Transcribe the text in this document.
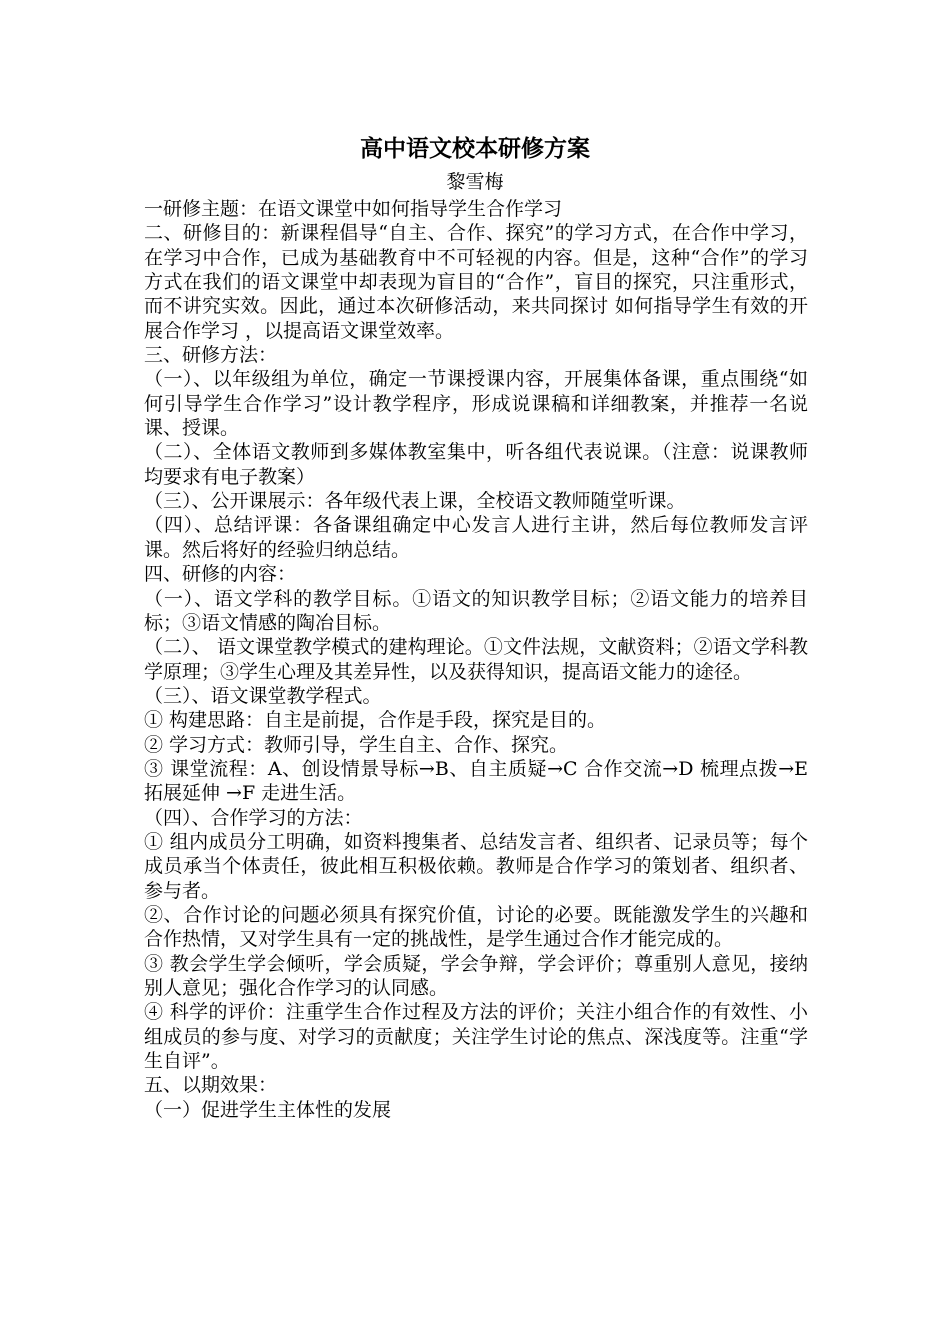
高中语文校本研修方案
黎雪梅

一研修主题：在语文课堂中如何指导学生合作学习

二、研修目的：新课程倡导“自主、合作、探究”的学习方式，在合作中学习，在学习中合作，已成为基础教育中不可轻视的内容。但是，这种“合作”的学习方式在我们的语文课堂中却表现为盲目的“合作”，盲目的探究，只注重形式，而不讲究实效。因此，通过本次研修活动，来共同探讨 如何指导学生有效的开展合作学习 ，以提高语文课堂效率。

三、研修方法：

（一）、以年级组为单位，确定一节课授课内容，开展集体备课，重点围绕“如何引导学生合作学习”设计教学程序，形成说课稿和详细教案，并推荐一名说课、授课。

（二）、全体语文教师到多媒体教室集中，听各组代表说课。（注意：说课教师均要求有电子教案）

（三）、公开课展示：各年级代表上课，全校语文教师随堂听课。

（四）、总结评课：各备课组确定中心发言人进行主讲，然后每位教师发言评课。然后将好的经验归纳总结。

四、研修的内容：

（一）、语文学科的教学目标。①语文的知识教学目标；②语文能力的培养目标；③语文情感的陶冶目标。

（二）、 语文课堂教学模式的建构理论。①文件法规，文献资料；②语文学科教学原理；③学生心理及其差异性，以及获得知识，提高语文能力的途径。

（三）、语文课堂教学程式。

① 构建思路：自主是前提，合作是手段，探究是目的。

② 学习方式：教师引导，学生自主、合作、探究。

③ 课堂流程：A、创设情景导标→B、自主质疑→C 合作交流→D 梳理点拨→E 拓展延伸 →F 走进生活。

（四）、合作学习的方法：

① 组内成员分工明确，如资料搜集者、总结发言者、组织者、记录员等；每个成员承当个体责任，彼此相互积极依赖。教师是合作学习的策划者、组织者、参与者。

②、合作讨论的问题必须具有探究价值，讨论的必要。既能激发学生的兴趣和合作热情，又对学生具有一定的挑战性，是学生通过合作才能完成的。

③ 教会学生学会倾听，学会质疑，学会争辩，学会评价；尊重别人意见，接纳别人意见；强化合作学习的认同感。

④ 科学的评价：注重学生合作过程及方法的评价；关注小组合作的有效性、小组成员的参与度、对学习的贡献度；关注学生讨论的焦点、深浅度等。注重“学生自评”。

五、以期效果：

（一）促进学生主体性的发展
